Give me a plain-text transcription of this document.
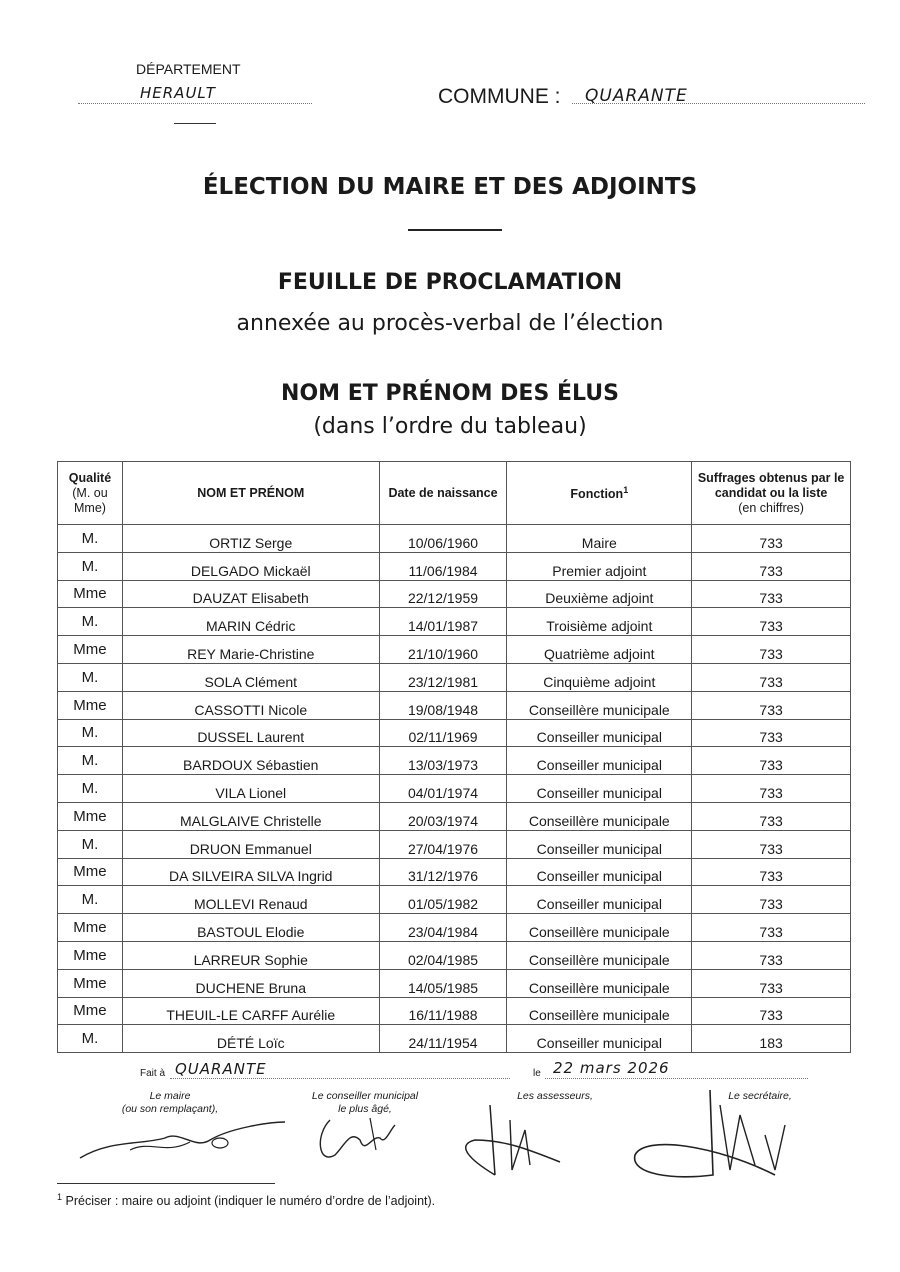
DÉPARTEMENT
HERAULT	COMMUNE : QUARANTE
ÉLECTION DU MAIRE ET DES ADJOINTS
FEUILLE DE PROCLAMATION
annexée au procès-verbal de l’élection
NOM ET PRÉNOM DES ÉLUS
(dans l’ordre du tableau)
Qualité
(M. ou Mme)	NOM ET PRÉNOM	Date de naissance	Fonction$^1$	Suffrages obtenus par le candidat ou la liste
(en chiffres)
M.	ORTIZ Serge	10/06/1960	Maire	733
M.	DELGADO Mickaël	11/06/1984	Premier adjoint	733
Mme	DAUZAT Elisabeth	22/12/1959	Deuxième adjoint	733
M.	MARIN Cédric	14/01/1987	Troisième adjoint	733
Mme	REY Marie-Christine	21/10/1960	Quatrième adjoint	733
M.	SOLA Clément	23/12/1981	Cinquième adjoint	733
Mme	CASSOTTI Nicole	19/08/1948	Conseillère municipale	733
M.	DUSSEL Laurent	02/11/1969	Conseiller municipal	733
M.	BARDOUX Sébastien	13/03/1973	Conseiller municipal	733
M.	VILA Lionel	04/01/1974	Conseiller municipal	733
Mme	MALGLAIVE Christelle	20/03/1974	Conseillère municipale	733
M.	DRUON Emmanuel	27/04/1976	Conseiller municipal	733
Mme	DA SILVEIRA SILVA Ingrid	31/12/1976	Conseiller municipal	733
M.	MOLLEVI Renaud	01/05/1982	Conseiller municipal	733
Mme	BASTOUL Elodie	23/04/1984	Conseillère municipale	733
Mme	LARREUR Sophie	02/04/1985	Conseillère municipale	733
Mme	DUCHENE Bruna	14/05/1985	Conseillère municipale	733
Mme	THEUIL-LE CARFF Aurélie	16/11/1988	Conseillère municipale	733
M.	DÉTÉ Loïc	24/11/1954	Conseiller municipal	183
Fait à QUARANTE	le 22 mars 2026
Le maire
(ou son remplaçant),
Le conseiller municipal
le plus âgé,
Les assesseurs,	Le secrétaire,
$^1$ Préciser : maire ou adjoint (indiquer le numéro d’ordre de l’adjoint).
